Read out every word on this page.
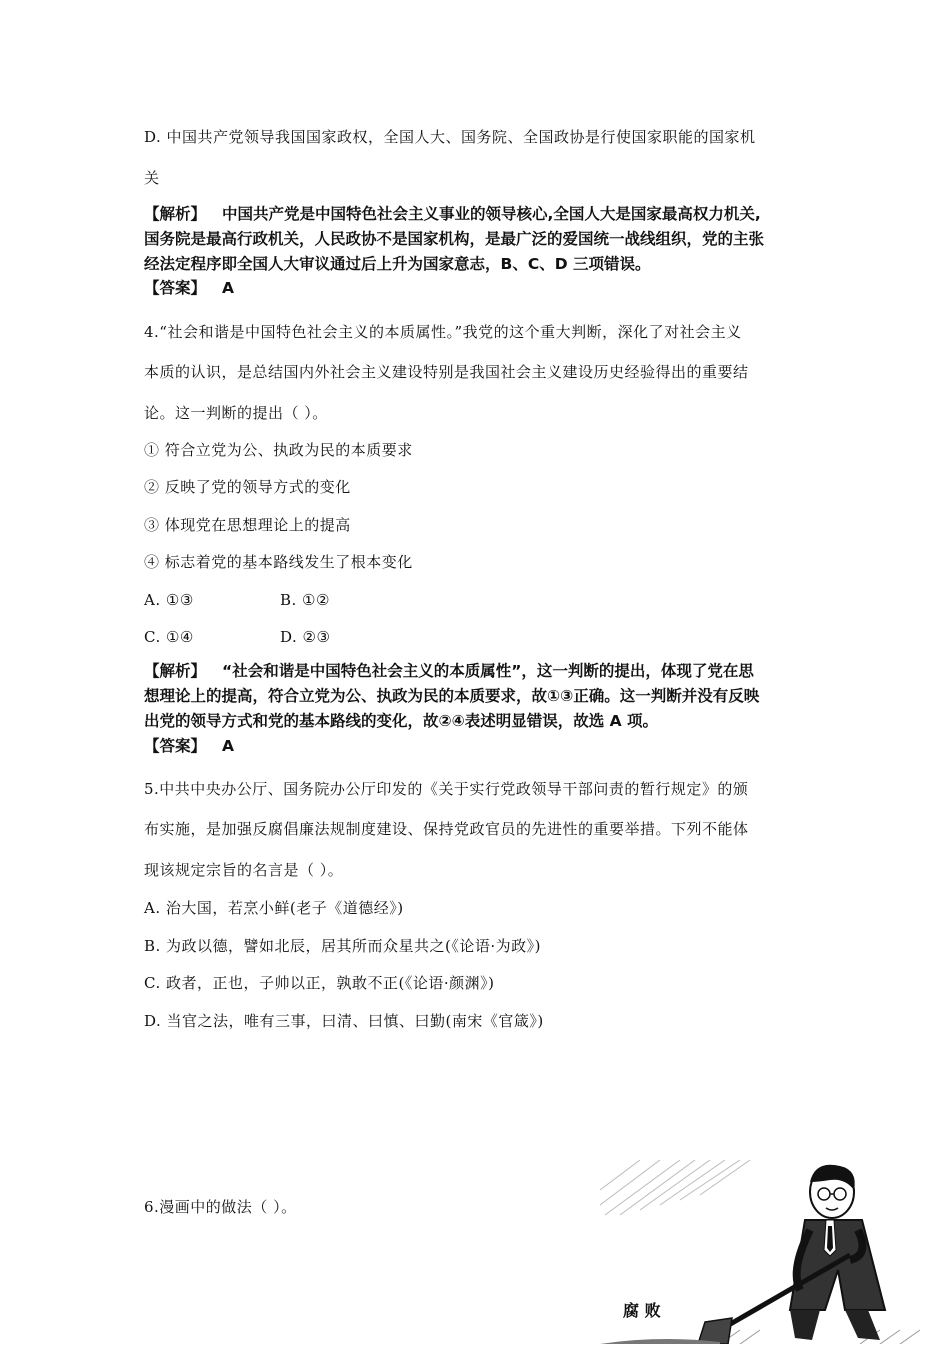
D. 中国共产党领导我国国家政权，全国人大、国务院、全国政协是行使国家职能的国家机
关
【解析】 中国共产党是中国特色社会主义事业的领导核心,全国人大是国家最高权力机关,
国务院是最高行政机关，人民政协不是国家机构，是最广泛的爱国统一战线组织，党的主张
经法定程序即全国人大审议通过后上升为国家意志，B、C、D 三项错误。
【答案】 A
4.“社会和谐是中国特色社会主义的本质属性。”我党的这个重大判断，深化了对社会主义
本质的认识，是总结国内外社会主义建设特别是我国社会主义建设历史经验得出的重要结
论。这一判断的提出（ ）。
① 符合立党为公、执政为民的本质要求
② 反映了党的领导方式的变化
③ 体现党在思想理论上的提高
④ 标志着党的基本路线发生了根本变化
A. ①③	B. ①②
C. ①④	D. ②③
【解析】 “社会和谐是中国特色社会主义的本质属性”，这一判断的提出，体现了党在思
想理论上的提高，符合立党为公、执政为民的本质要求，故①③正确。这一判断并没有反映
出党的领导方式和党的基本路线的变化，故②④表述明显错误，故选 A 项。
【答案】 A
5.中共中央办公厅、国务院办公厅印发的《关于实行党政领导干部问责的暂行规定》的颁
布实施，是加强反腐倡廉法规制度建设、保持党政官员的先进性的重要举措。下列不能体
现该规定宗旨的名言是（ ）。
A. 治大国，若烹小鲜(老子《道德经》)
B. 为政以德，譬如北辰，居其所而众星共之(《论语·为政》)
C. 政者，正也，子帅以正，孰敢不正(《论语·颜渊》)
D. 当官之法，唯有三事，曰清、曰慎、曰勤(南宋《官箴》)
6.漫画中的做法（ ）。
腐 败
